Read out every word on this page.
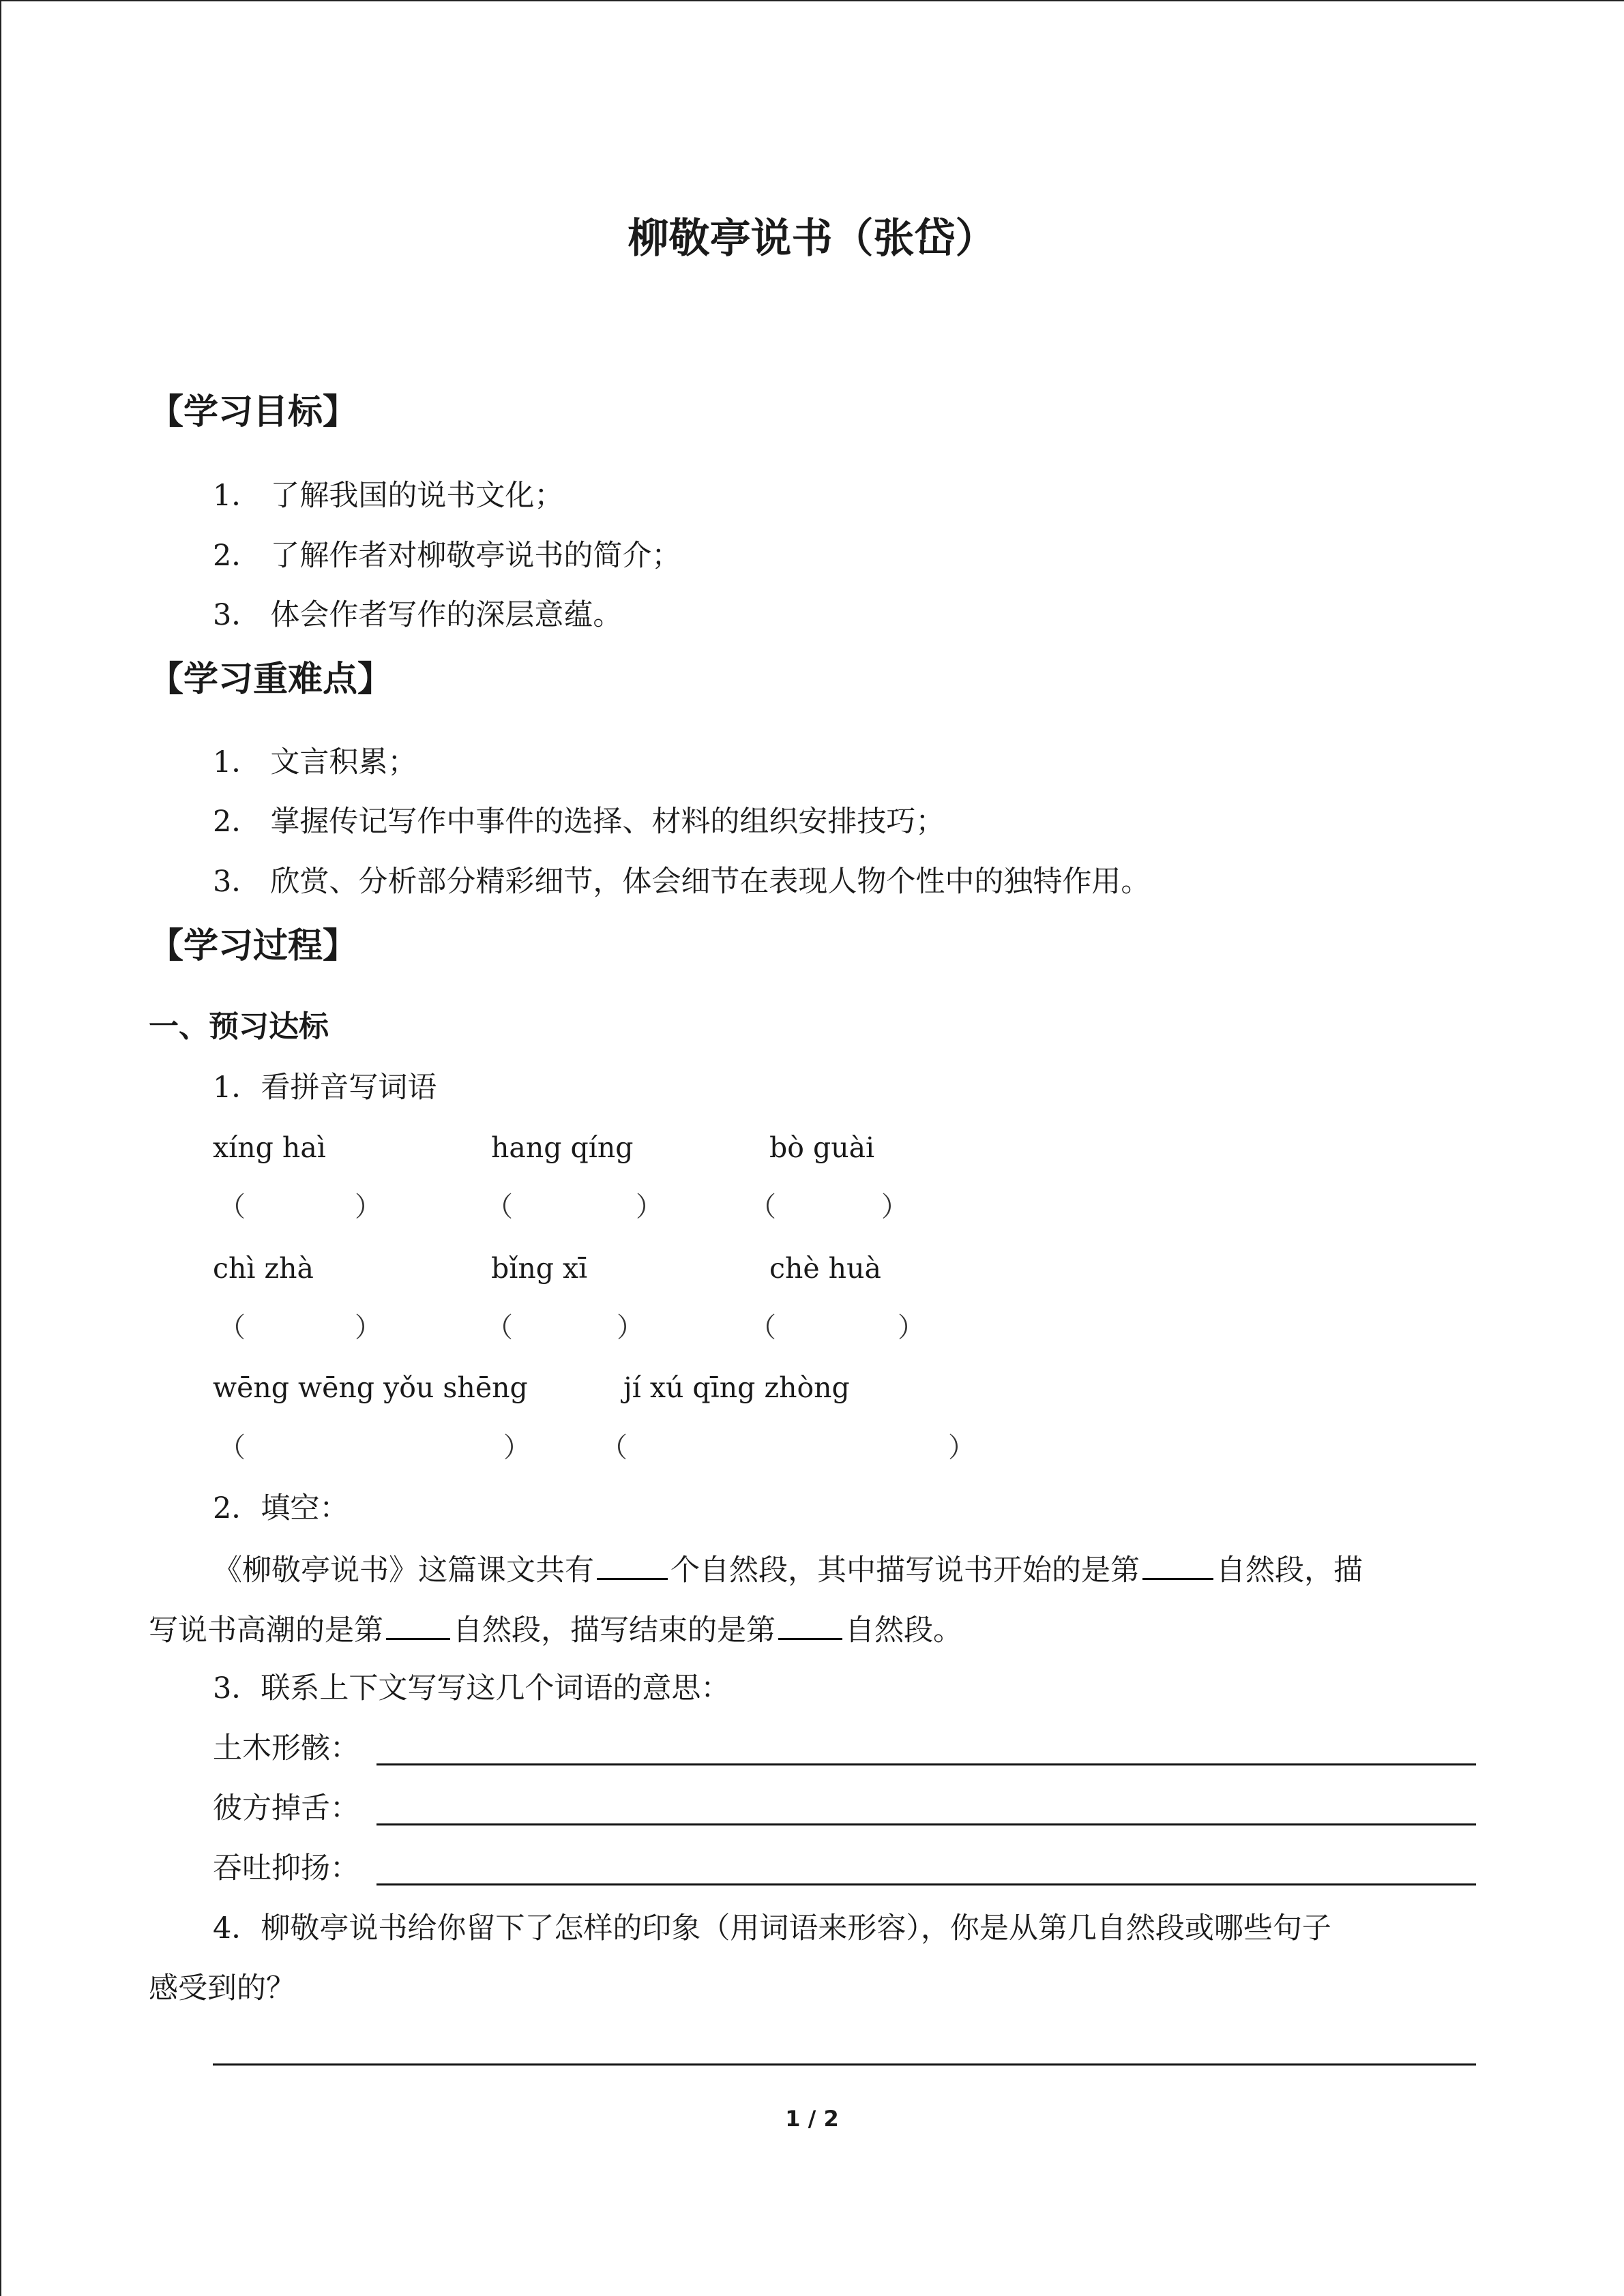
柳敬亭说书（张岱）
【学习目标】
1． 了解我国的说书文化；
2． 了解作者对柳敬亭说书的简介；
3． 体会作者写作的深层意蕴。
【学习重难点】
1． 文言积累；
2． 掌握传记写作中事件的选择、材料的组织安排技巧；
3． 欣赏、分析部分精彩细节，体会细节在表现人物个性中的独特作用。
【学习过程】
一、预习达标
1．看拼音写词语
xíng haì	hang qíng	bò guài
（	）	（	）	（	）
chì zhà	bǐng xī	chè huà
（	）	（	）	（	）
wēng wēng yǒu shēng	jí xú qīng zhòng
（	）	（	）
2．填空：
《柳敬亭说书》这篇课文共有	个自然段，其中描写说书开始的是第	自然段，描
写说书高潮的是第 自然段，描写结束的是第 自然段。
3．联系上下文写写这几个词语的意思：
土木形骸：
彼方掉舌：
吞吐抑扬：
4．柳敬亭说书给你留下了怎样的印象（用词语来形容），你是从第几自然段或哪些句子
感受到的？
1 / 2
